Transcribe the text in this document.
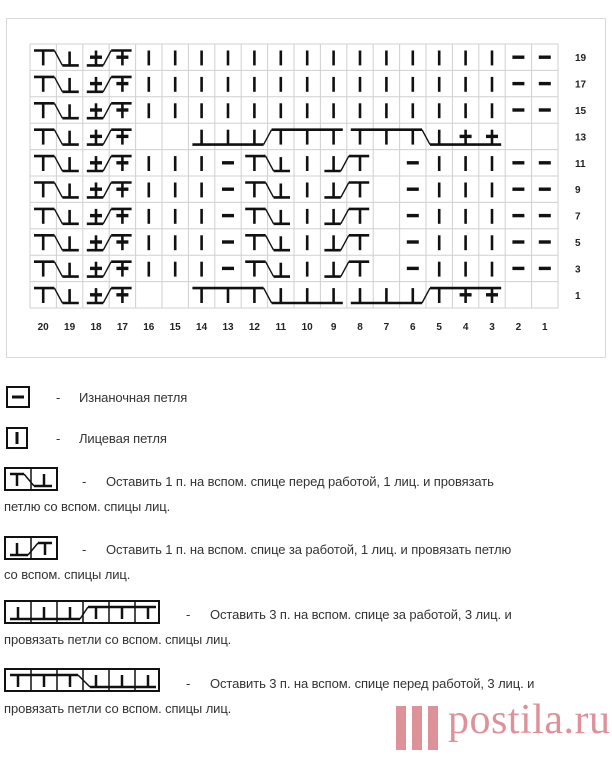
19
17
15
13
11
9
7
5
3
1
20 19 18 17 16 15 14 13 12 11 10 9 8 7 6 5 4 3 2 1
- Изнаночная петля
- Лицевая петля
- Оставить 1 п. на вспом. спице перед работой, 1 лиц. и провязать
петлю со вспом. спицы лиц.
- Оставить 1 п. на вспом. спице за работой, 1 лиц. и провязать петлю
со вспом. спицы лиц.
- Оставить 3 п. на вспом. спице за работой, 3 лиц. и
провязать петли со вспом. спицы лиц.
- Оставить 3 п. на вспом. спице перед работой, 3 лиц. и
провязать петли со вспом. спицы лиц.	postila.ru
